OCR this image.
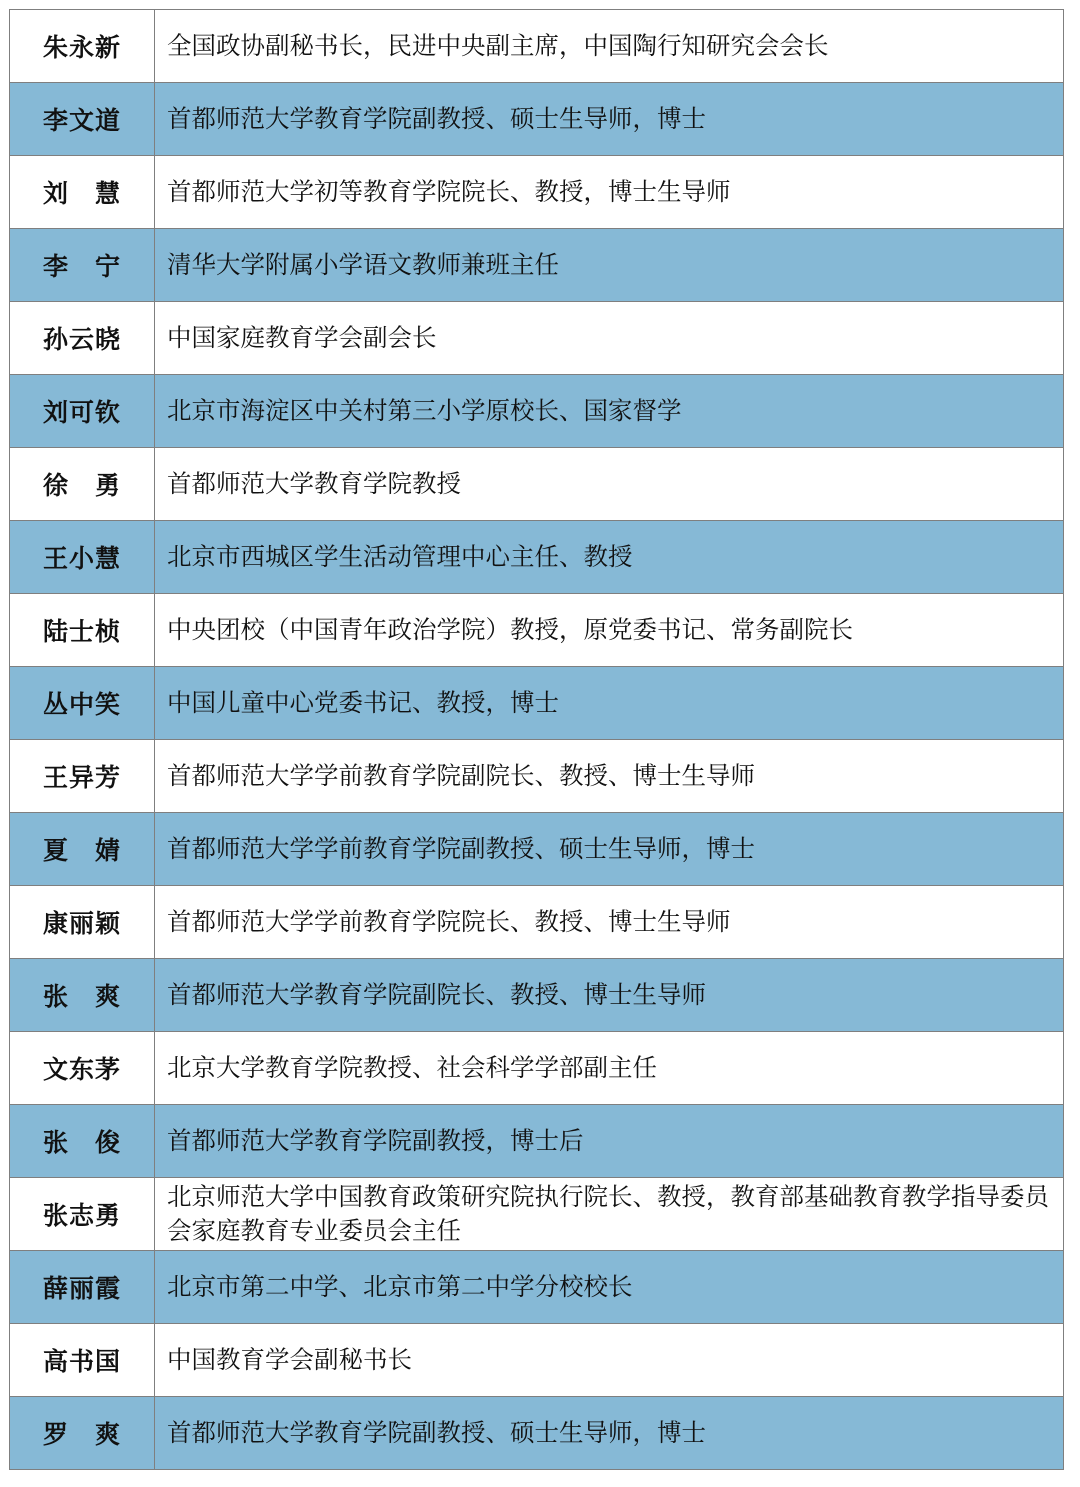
朱永新	全国政协副秘书长，民进中央副主席，中国陶行知研究会会长
李文道	首都师范大学教育学院副教授、硕士生导师，博士
刘　慧	首都师范大学初等教育学院院长、教授，博士生导师
李　宁	清华大学附属小学语文教师兼班主任
孙云晓	中国家庭教育学会副会长
刘可钦	北京市海淀区中关村第三小学原校长、国家督学
徐　勇	首都师范大学教育学院教授
王小慧	北京市西城区学生活动管理中心主任、教授
陆士桢	中央团校（中国青年政治学院）教授，原党委书记、常务副院长
丛中笑	中国儿童中心党委书记、教授，博士
王异芳	首都师范大学学前教育学院副院长、教授、博士生导师
夏　婧	首都师范大学学前教育学院副教授、硕士生导师，博士
康丽颖	首都师范大学学前教育学院院长、教授、博士生导师
张　爽	首都师范大学教育学院副院长、教授、博士生导师
文东茅	北京大学教育学院教授、社会科学学部副主任
张　俊	首都师范大学教育学院副教授，博士后
张志勇	北京师范大学中国教育政策研究院执行院长、教授，教育部基础教育教学指导委员会家庭教育专业委员会主任
薛丽霞	北京市第二中学、北京市第二中学分校校长
高书国	中国教育学会副秘书长
罗　爽	首都师范大学教育学院副教授、硕士生导师，博士
